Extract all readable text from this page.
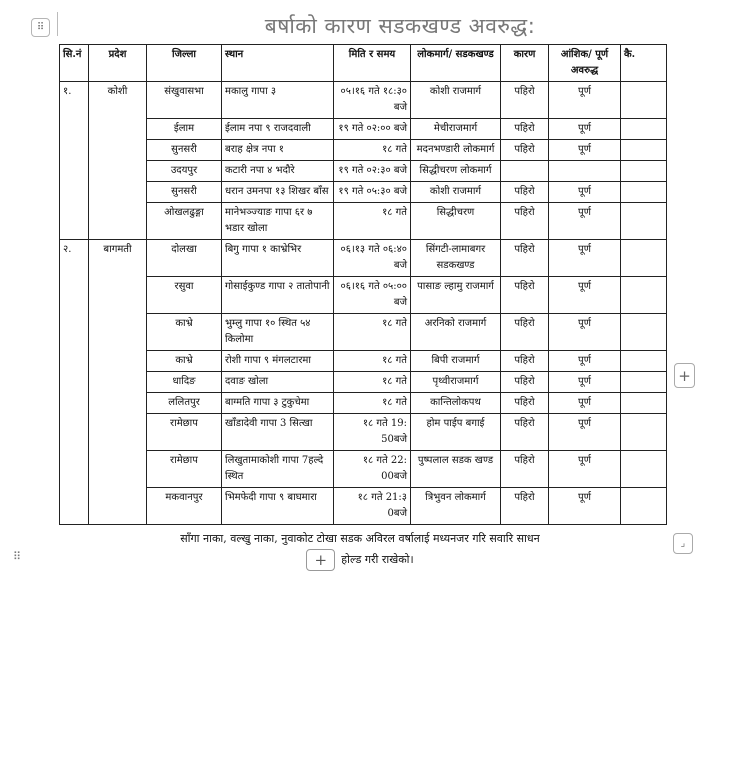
⠿	बर्षाको कारण सडकखण्ड अवरुद्ध:
सि.नं	प्रदेश	जिल्ला	स्थान	मिति र समय	लोकमार्ग/ सडकखण्ड	कारण	आंशिक/ पूर्ण अवरुद्ध	कै.
१.	कोशी	संखुवासभा	मकालु गापा ३	०५।१६ गते १८:३० बजे	कोशी राजमार्ग	पहिरो	पूर्ण	
		ईलाम	ईलाम नपा ९ राजदवाली	१९ गते ०२:०० बजे	मेचीराजमार्ग	पहिरो	पूर्ण	
		सुनसरी	बराह क्षेत्र नपा १	१८ गते	मदनभण्डारी लोकमार्ग	पहिरो	पूर्ण	
		उदयपुर	कटारी नपा ४ भदौरे	१९ गते ०२:३० बजे	सिद्धीचरण लोकमार्ग			
		सुनसरी	धरान उमनपा १३ शिखर बाँस	१९ गते ०५:३० बजे	कोशी राजमार्ग	पहिरो	पूर्ण	
		ओखलढुङ्गा	मानेभञ्ज्याङ गापा ६र ७ भडार खोला	१८ गते	सिद्धीचरण	पहिरो	पूर्ण	
२.	बागमती	दोलखा	बिगु गापा १ काभ्रेभिर	०६।१३ गते ०६:४० बजे	सिंगटी-लामाबगर सडकखण्ड	पहिरो	पूर्ण	
		रसुवा	गोसाईकुण्ड गापा २ तातोपानी	०६।१६ गते ०५:०० बजे	पासाङ ल्हामु राजमार्ग	पहिरो	पूर्ण	
		काभ्रे	भुम्लु गापा १० स्थित ५४ किलोमा	१८ गते	अरनिको राजमार्ग	पहिरो	पूर्ण	
		काभ्रे	रोशी गापा ९ मंगलटारमा	१८ गते	बिपी राजमार्ग	पहिरो	पूर्ण	
		धादिङ	दवाङ खोला	१८ गते	पृथ्वीराजमार्ग	पहिरो	पूर्ण	
		ललितपुर	बाग्मति गापा ३ टुकुचेमा	१८ गते	कान्तिलोकपथ	पहिरो	पूर्ण	
		रामेछाप	खाँडादेवी गापा 3 सित्खा	१८ गते 19: 50बजे	होम पाईप बगाई	पहिरो	पूर्ण	
		रामेछाप	लिखुतामाकोशी गापा 7हल्दे स्थित	१८ गते 22: 00बजे	पुष्पलाल सडक खण्ड	पहिरो	पूर्ण	
		मकवानपुर	भिमफेदी गापा ९ बाघमारा	१८ गते 21:३ 0बजे	त्रिभुवन लोकमार्ग	पहिरो	पूर्ण	
+
साँगा नाका, वल्खु नाका, नुवाकोट टोखा सडक अविरल वर्षालाई मध्यनजर गरि सवारि साधन
+ होल्ड गरी राखेको।
⌟
⠿
